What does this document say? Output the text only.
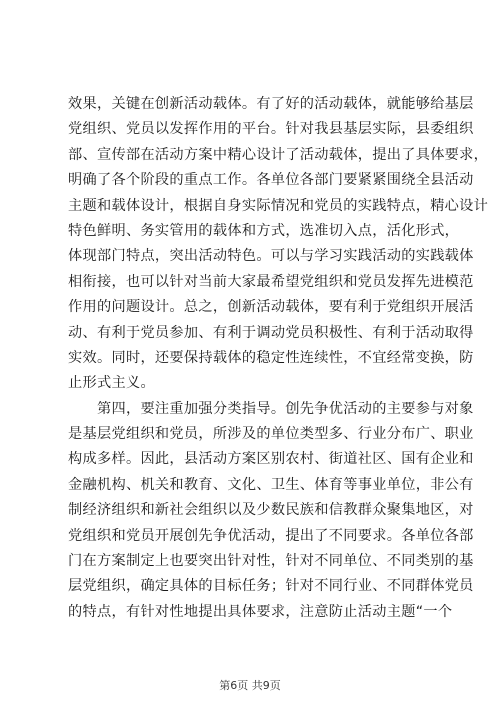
效果，关键在创新活动载体。有了好的活动载体，就能够给基层
党组织、党员以发挥作用的平台。针对我县基层实际，县委组织
部、宣传部在活动方案中精心设计了活动载体，提出了具体要求，
明确了各个阶段的重点工作。各单位各部门要紧紧围绕全县活动
主题和载体设计，根据自身实际情况和党员的实践特点，精心设计
特色鲜明、务实管用的载体和方式，选准切入点，活化形式，
体现部门特点，突出活动特色。可以与学习实践活动的实践载体
相衔接，也可以针对当前大家最希望党组织和党员发挥先进模范
作用的问题设计。总之，创新活动载体，要有利于党组织开展活
动、有利于党员参加、有利于调动党员积极性、有利于活动取得
实效。同时，还要保持载体的稳定性连续性，不宜经常变换，防
止形式主义。
　　第四，要注重加强分类指导。创先争优活动的主要参与对象
是基层党组织和党员，所涉及的单位类型多、行业分布广、职业
构成多样。因此，县活动方案区别农村、街道社区、国有企业和
金融机构、机关和教育、文化、卫生、体育等事业单位，非公有
制经济组织和新社会组织以及少数民族和信教群众聚集地区，对
党组织和党员开展创先争优活动，提出了不同要求。各单位各部
门在方案制定上也要突出针对性，针对不同单位、不同类别的基
层党组织，确定具体的目标任务；针对不同行业、不同群体党员
的特点，有针对性地提出具体要求，注意防止活动主题“一个
第6页 共9页
